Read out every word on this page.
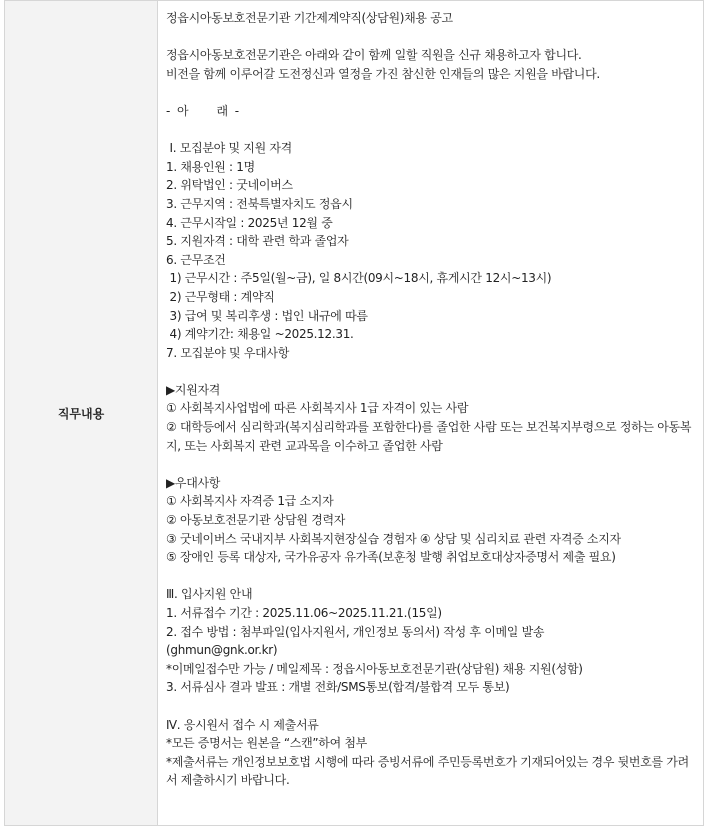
직무내용	
정읍시아동보호전문기관 기간제계약직(상담원)채용 공고
정읍시아동보호전문기관은 아래와 같이 함께 일할 직원을 신규 채용하고자 합니다.
비전을 함께 이루어갈 도전정신과 열정을 가진 참신한 인재들의 많은 지원을 바랍니다.
-  아        래  -
Ⅰ. 모집분야 및 지원 자격
1. 채용인원 : 1명
2. 위탁법인 : 굿네이버스
3. 근무지역 : 전북특별자치도 정읍시
4. 근무시작일 : 2025년 12월 중
5. 지원자격 : 대학 관련 학과 졸업자
6. 근무조건
1) 근무시간 : 주5일(월~금), 일 8시간(09시~18시, 휴게시간 12시~13시)
2) 근무형태 : 계약직
3) 급여 및 복리후생 : 법인 내규에 따름
4) 계약기간: 채용일 ~2025.12.31.
7. 모집분야 및 우대사항
▶지원자격
① 사회복지사업법에 따른 사회복지사 1급 자격이 있는 사람
② 대학등에서 심리학과(복지심리학과를 포함한다)를 졸업한 사람 또는 보건복지부령으로 정하는 아동복지, 또는 사회복지 관련 교과목을 이수하고 졸업한 사람
▶우대사항
① 사회복지사 자격증 1급 소지자
② 아동보호전문기관 상담원 경력자
③ 굿네이버스 국내지부 사회복지현장실습 경험자 ④ 상담 및 심리치료 관련 자격증 소지자
⑤ 장애인 등록 대상자, 국가유공자 유가족(보훈청 발행 취업보호대상자증명서 제출 필요)
Ⅲ. 입사지원 안내
1. 서류접수 기간 : 2025.11.06~2025.11.21.(15일)
2. 접수 방법 : 첨부파일(입사지원서, 개인정보 동의서) 작성 후 이메일 발송
(ghmun@gnk.or.kr)
*이메일접수만 가능 / 메일제목 : 정읍시아동보호전문기관(상담원) 채용 지원(성함)
3. 서류심사 결과 발표 : 개별 전화/SMS통보(합격/불합격 모두 통보)
Ⅳ. 응시원서 접수 시 제출서류
*모든 증명서는 원본을 “스캔”하여 첨부
*제출서류는 개인정보보호법 시행에 따라 증빙서류에 주민등록번호가 기재되어있는 경우 뒷번호를 가려서 제출하시기 바랍니다.
